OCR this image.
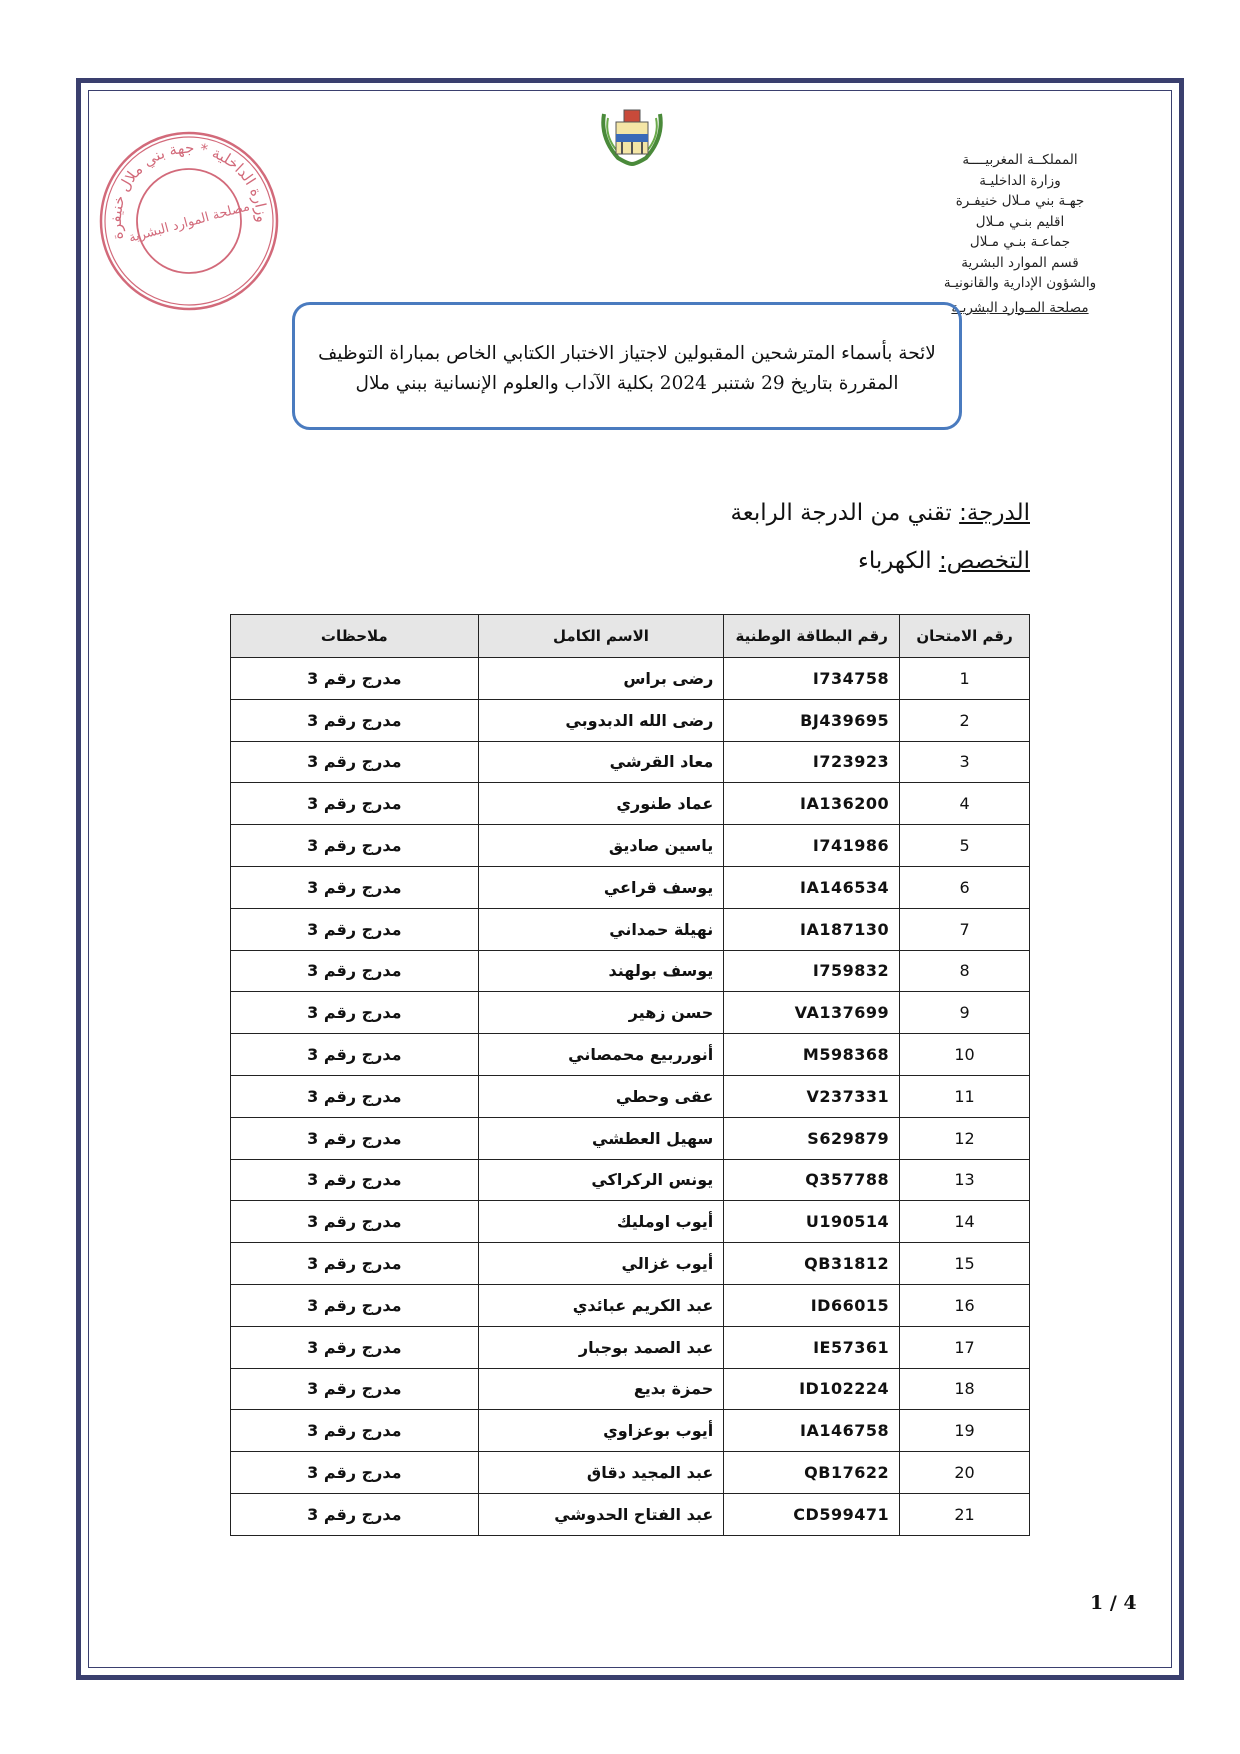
المملكــة المغربيــــة
وزارة الداخليـة
جهـة بني مـلال خنيفـرة
اقليم بنـي مـلال
جماعـة بنـي مـلال
قسم الموارد البشرية
والشؤون الإدارية والقانونيـة
مصلحة المـوارد البشريـة
وزارة الداخلية * جهة بني ملال خنيفرة
مصلحة الموارد البشرية
لائحة بأسماء المترشحين المقبولين لاجتياز الاختبار الكتابي الخاص بمباراة التوظيف
المقررة بتاريخ 29 شتنبر 2024 بكلية الآداب والعلوم الإنسانية ببني ملال
الدرجة: تقني من الدرجة الرابعة
التخصص: الكهرباء
رقم الامتحان	رقم البطاقة الوطنية	الاسم الكامل	ملاحظات
1	I734758	رضى براس	مدرج رقم 3
2	BJ439695	رضى الله الدبدوبي	مدرج رقم 3
3	I723923	معاد القرشي	مدرج رقم 3
4	IA136200	عماد طنوري	مدرج رقم 3
5	I741986	ياسين صاديق	مدرج رقم 3
6	IA146534	يوسف قراعي	مدرج رقم 3
7	IA187130	نهيلة حمداني	مدرج رقم 3
8	I759832	يوسف بولهند	مدرج رقم 3
9	VA137699	حسن زهير	مدرج رقم 3
10	M598368	أنورربيع محمصاني	مدرج رقم 3
11	V237331	عقى وحطي	مدرج رقم 3
12	S629879	سهيل العطشي	مدرج رقم 3
13	Q357788	يونس الركراكي	مدرج رقم 3
14	U190514	أيوب اومليك	مدرج رقم 3
15	QB31812	أيوب غزالي	مدرج رقم 3
16	ID66015	عبد الكريم عبائدي	مدرج رقم 3
17	IE57361	عبد الصمد بوجبار	مدرج رقم 3
18	ID102224	حمزة بديع	مدرج رقم 3
19	IA146758	أيوب بوعزاوي	مدرج رقم 3
20	QB17622	عبد المجيد دقاق	مدرج رقم 3
21	CD599471	عبد الفتاح الحدوشي	مدرج رقم 3
1 / 4
